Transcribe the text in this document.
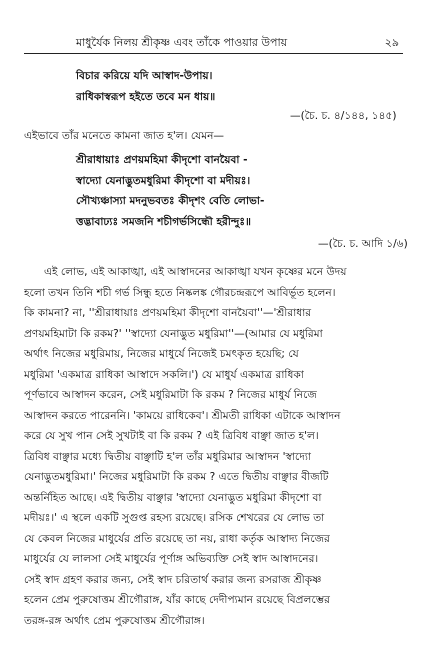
মাধুর্যৈক নিলয় শ্রীকৃষ্ণ এবং তাঁকে পাওয়ার উপায়	২৯
বিচার করিয়ে যদি আস্বাদ-উপায়।
রাধিকাস্বরূপ হইতে তবে মন ধায়॥
—(চৈ. চ. ৪/১৪৪, ১৪৫)
এইভাবে তাঁর মনেতে কামনা জাত হ'ল। যেমন—
শ্রীরাধায়াঃ প্রণয়মহিমা কীদৃশো বানয়ৈবা -
স্বাদ্যো যেনাদ্ভুতমধুরিমা কীদৃশো বা মদীয়ঃ।
সৌখ্যঞ্চাস্যা মদনুভবতঃ কীদৃশং বেতি লোভা-
ত্তদ্ভাবাঢ্যঃ সমজনি শচীগর্ভসিন্ধৌ হরীন্দুঃ॥
—(চৈ. চ. আদি ১/৬)
এই লোভ, এই আকাঙ্খা, এই আস্বাদনের আকাঙ্খা যখন কৃষ্ণের মনে উদয়
হলো তখন তিনি শচী গর্ভ সিন্ধু হতে নিষ্কলঙ্ক গৌরচন্দ্ররূপে আবির্ভূত হলেন।
কি কামনা? না, ''শ্রীরাধায়াঃ প্রণয়মহিমা কীদৃশো বানয়ৈবা''—'শ্রীরাধার
প্রণয়মহিমাটা কি রকম?' ''স্বাদ্যো যেনাদ্ভুত মধুরিমা''—(আমার যে মধুরিমা
অর্থাৎ নিজের মধুরিমায়, নিজের মাধুর্যে নিজেই চমৎকৃত হয়েছি; যে
মধুরিমা 'একমাত্র রাধিকা আস্বাদে সকলি।') যে মাধুর্য একমাত্র রাধিকা
পূর্ণভাবে আস্বাদন করেন, সেই মধুরিমাটা কি রকম ? নিজের মাধুর্য নিজে
আস্বাদন করতে পারেননি। 'কাময়ে রাধিকেব'। শ্রীমতী রাধিকা এটাকে আস্বাদন
করে যে সুখ পান সেই সুখটাই বা কি রকম ? এই ত্রিবিধ বাঞ্ছা জাত হ'ল।
ত্রিবিধ বাঞ্ছার মধ্যে দ্বিতীয় বাঞ্ছাটি হ'ল তাঁর মধুরিমার আস্বাদন 'স্বাদ্যো
যেনাদ্ভুতমধুরিমা।' নিজের মধুরিমাটা কি রকম ? এতে দ্বিতীয় বাঞ্ছার বীজটি
অন্তর্নিহিত আছে। এই দ্বিতীয় বাঞ্ছার 'স্বাদ্যো যেনাদ্ভুত মধুরিমা কীদৃশো বা
মদীয়ঃ।' এ স্থলে একটি সুগুপ্ত রহস্য রয়েছে। রসিক শেখরের যে লোভ তা
যে কেবল নিজের মাধুর্যের প্রতি রয়েছে তা নয়, রাধা কর্তৃক আস্বাদ্য নিজের
মাধুর্যের যে লালসা সেই মাধুর্যের পূর্ণাঙ্গ অভিব্যক্তি সেই স্বাদ আস্বাদনের।
সেই স্বাদ গ্রহণ করার জন্য, সেই স্বাদ চরিতার্থ করার জন্য রসরাজ শ্রীকৃষ্ণ
হলেন প্রেম পুরুষোত্তম শ্রীগৌরাঙ্গ, যাঁর কাছে দেদীপ্যমান রয়েছে বিপ্রলম্ভের
তরঙ্গ-রঙ্গ অর্থাৎ প্রেম পুরুষোত্তম শ্রীগৌরাঙ্গ।
